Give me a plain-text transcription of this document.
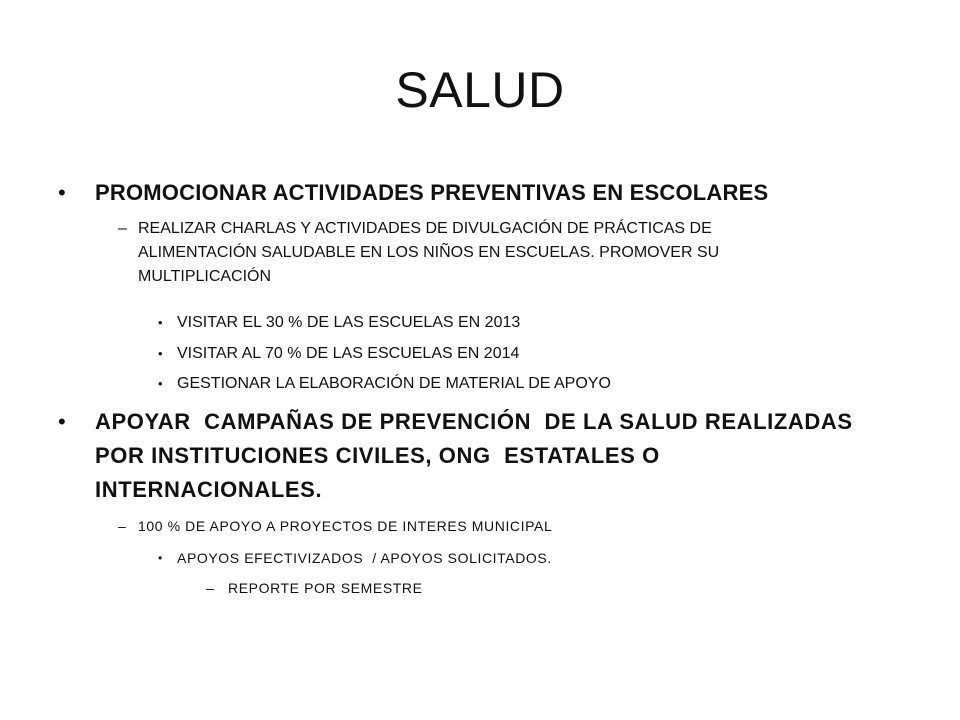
SALUD
• PROMOCIONAR ACTIVIDADES PREVENTIVAS EN ESCOLARES
– REALIZAR CHARLAS Y ACTIVIDADES DE DIVULGACIÓN DE PRÁCTICAS DE ALIMENTACIÓN SALUDABLE EN LOS NIÑOS EN ESCUELAS. PROMOVER SU MULTIPLICACIÓN
• VISITAR EL 30 % DE LAS ESCUELAS EN 2013
• VISITAR AL 70 % DE LAS ESCUELAS EN 2014
• GESTIONAR LA ELABORACIÓN DE MATERIAL DE APOYO
• APOYAR  CAMPAÑAS DE PREVENCIÓN  DE LA SALUD REALIZADAS POR INSTITUCIONES CIVILES, ONG  ESTATALES O INTERNACIONALES.
– 100 % DE APOYO A PROYECTOS DE INTERES MUNICIPAL
• APOYOS EFECTIVIZADOS  / APOYOS SOLICITADOS.
– REPORTE POR SEMESTRE
